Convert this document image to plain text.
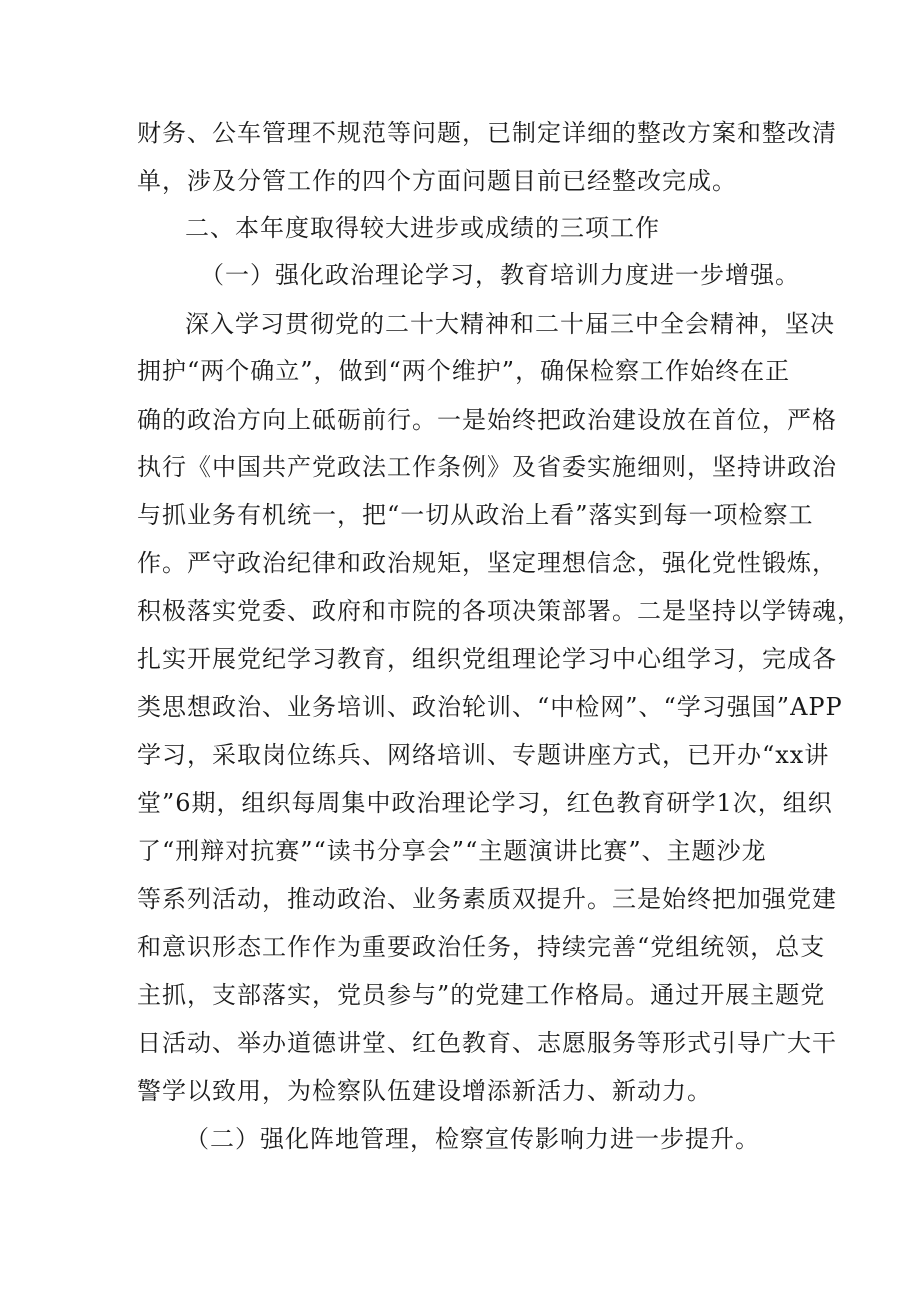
财务、公车管理不规范等问题，已制定详细的整改方案和整改清

单，涉及分管工作的四个方面问题目前已经整改完成。

二、本年度取得较大进步或成绩的三项工作

（一）强化政治理论学习，教育培训力度进一步增强。

深入学习贯彻党的二十大精神和二十届三中全会精神，坚决

拥护“两个确立”，做到“两个维护”，确保检察工作始终在正

确的政治方向上砥砺前行。一是始终把政治建设放在首位，严格

执行《中国共产党政法工作条例》及省委实施细则，坚持讲政治

与抓业务有机统一，把“一切从政治上看”落实到每一项检察工

作。严守政治纪律和政治规矩，坚定理想信念，强化党性锻炼，

积极落实党委、政府和市院的各项决策部署。二是坚持以学铸魂，

扎实开展党纪学习教育，组织党组理论学习中心组学习，完成各

类思想政治、业务培训、政治轮训、“中检网”、“学习强国”APP

学习，采取岗位练兵、网络培训、专题讲座方式，已开办“xx讲

堂”6期，组织每周集中政治理论学习，红色教育研学1次，组织

了“刑辩对抗赛”“读书分享会”“主题演讲比赛”、主题沙龙

等系列活动，推动政治、业务素质双提升。三是始终把加强党建

和意识形态工作作为重要政治任务，持续完善“党组统领，总支

主抓，支部落实，党员参与”的党建工作格局。通过开展主题党

日活动、举办道德讲堂、红色教育、志愿服务等形式引导广大干

警学以致用，为检察队伍建设增添新活力、新动力。

（二）强化阵地管理，检察宣传影响力进一步提升。
